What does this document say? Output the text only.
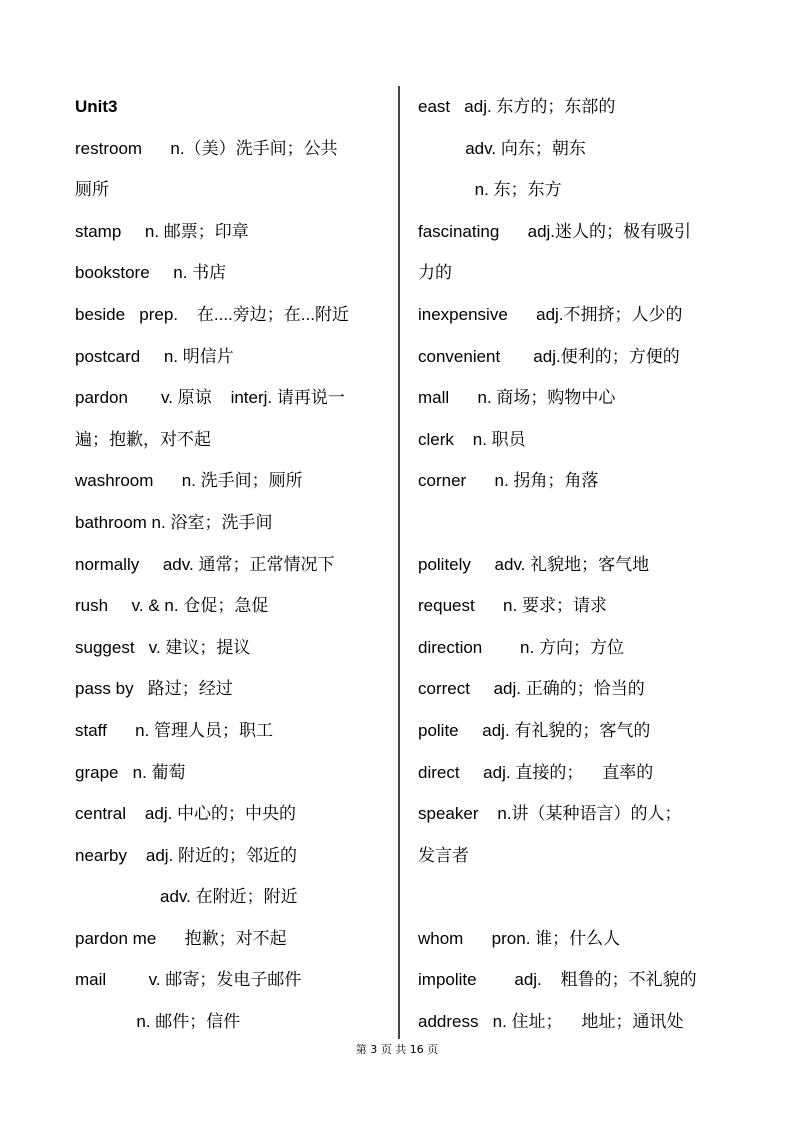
Unit3
restroom      n.（美）洗手间；公共
厕所
stamp     n. 邮票；印章
bookstore     n. 书店
beside   prep.    在....旁边；在...附近
postcard     n. 明信片
pardon       v. 原谅    interj. 请再说一
遍；抱歉，对不起
washroom      n. 洗手间；厕所
bathroom n. 浴室；洗手间
normally     adv. 通常；正常情况下
rush     v. & n. 仓促；急促
suggest   v. 建议；提议
pass by   路过；经过
staff      n. 管理人员；职工
grape   n. 葡萄
central    adj. 中心的；中央的
nearby    adj. 附近的；邻近的
adv. 在附近；附近
pardon me      抱歉；对不起
mail         v. 邮寄；发电子邮件
n. 邮件；信件
east   adj. 东方的；东部的
adv. 向东；朝东
n. 东；东方
fascinating      adj.迷人的；极有吸引
力的
inexpensive      adj.不拥挤；人少的
convenient       adj.便利的；方便的
mall      n. 商场；购物中心
clerk    n. 职员
corner      n. 拐角；角落
politely     adv. 礼貌地；客气地
request      n. 要求；请求
direction        n. 方向；方位
correct     adj. 正确的；恰当的
polite     adj. 有礼貌的；客气的
direct     adj. 直接的；    直率的
speaker    n.讲（某种语言）的人；
发言者
whom      pron. 谁；什么人
impolite        adj.    粗鲁的；不礼貌的
address   n. 住址；    地址；通讯处
第 3 页 共 16 页
